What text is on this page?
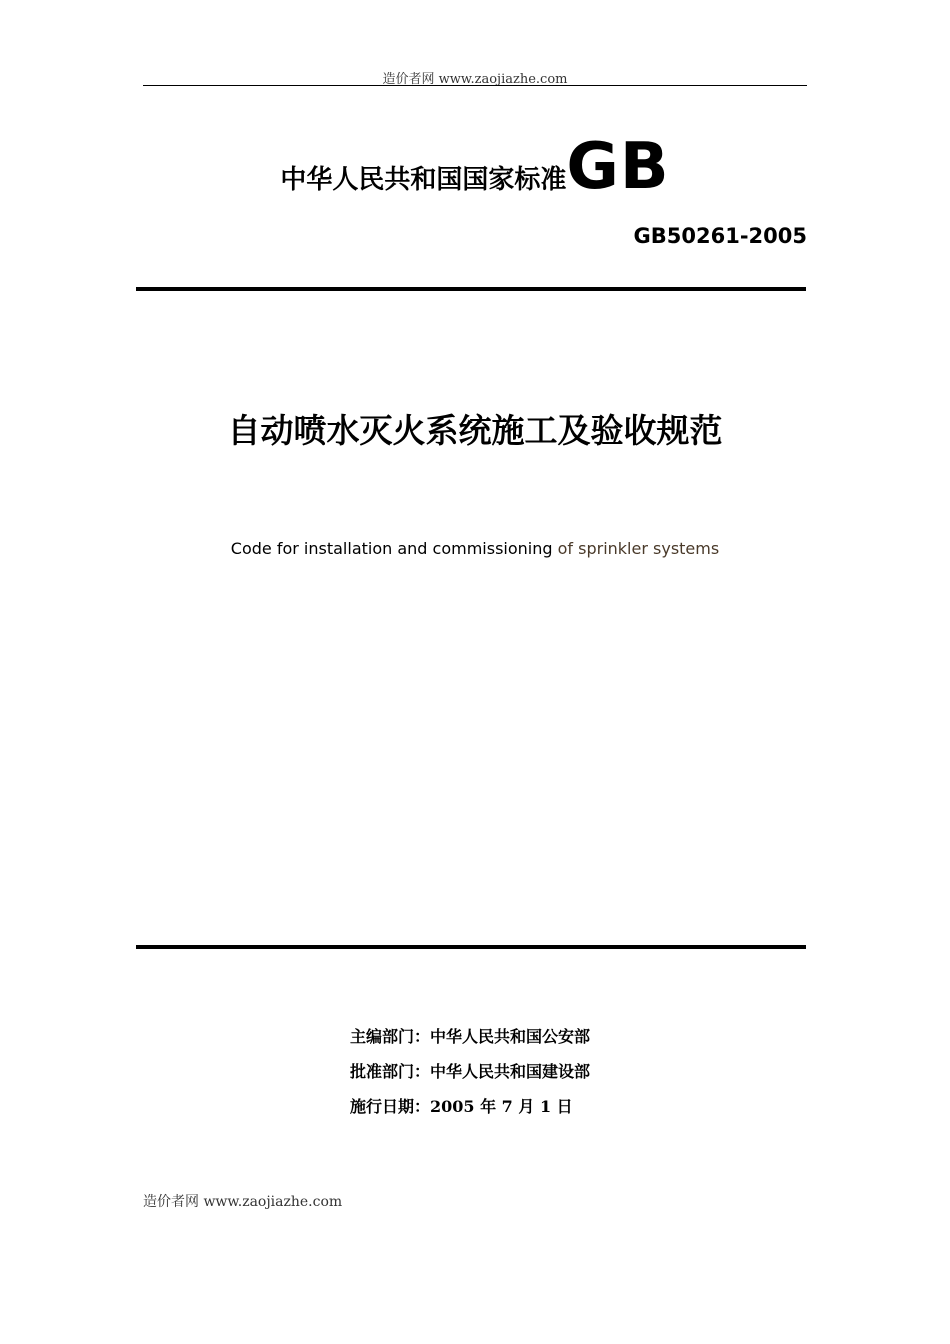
造价者网 www.zaojiazhe.com
中华人民共和国国家标准GB
GB50261-2005
自动喷水灭火系统施工及验收规范
Code for installation and commissioning of sprinkler systems
主编部门：中华人民共和国公安部
批准部门：中华人民共和国建设部
施行日期：2005 年 7 月 1 日
造价者网 www.zaojiazhe.com
